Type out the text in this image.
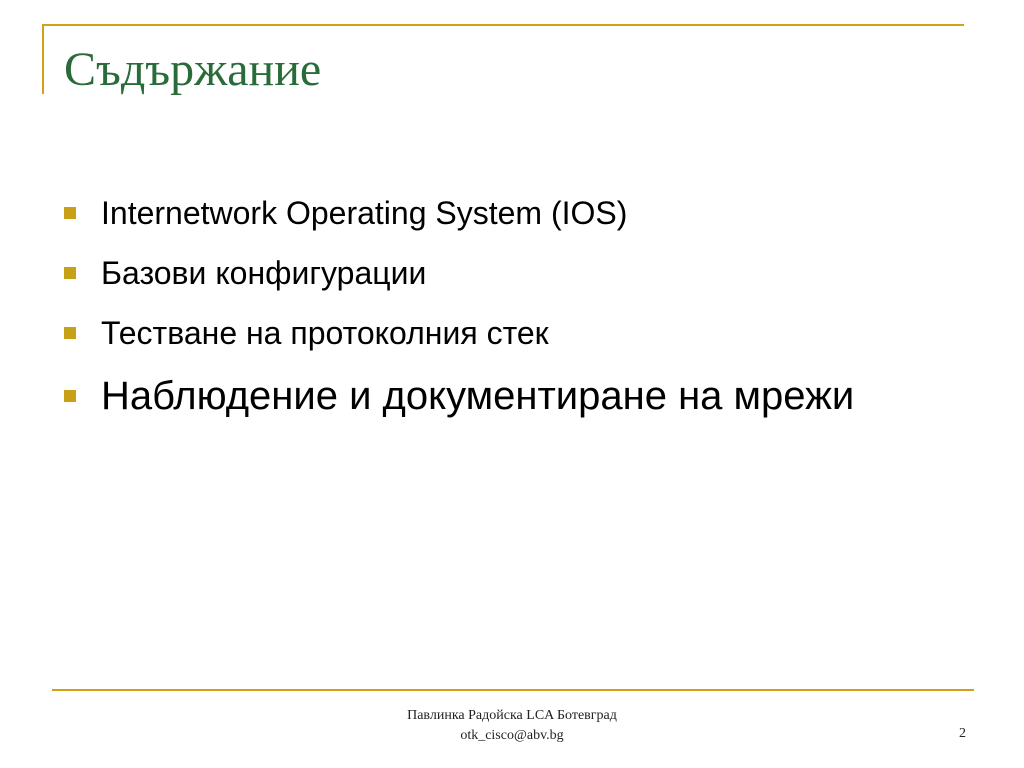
Съдържание
Internetwork Operating System (IOS)
Базови конфигурации
Тестване на протоколния стек
Наблюдение и документиране на мрежи
Павлинка Радойска LCA Ботевград
otk_cisco@abv.bg	2
